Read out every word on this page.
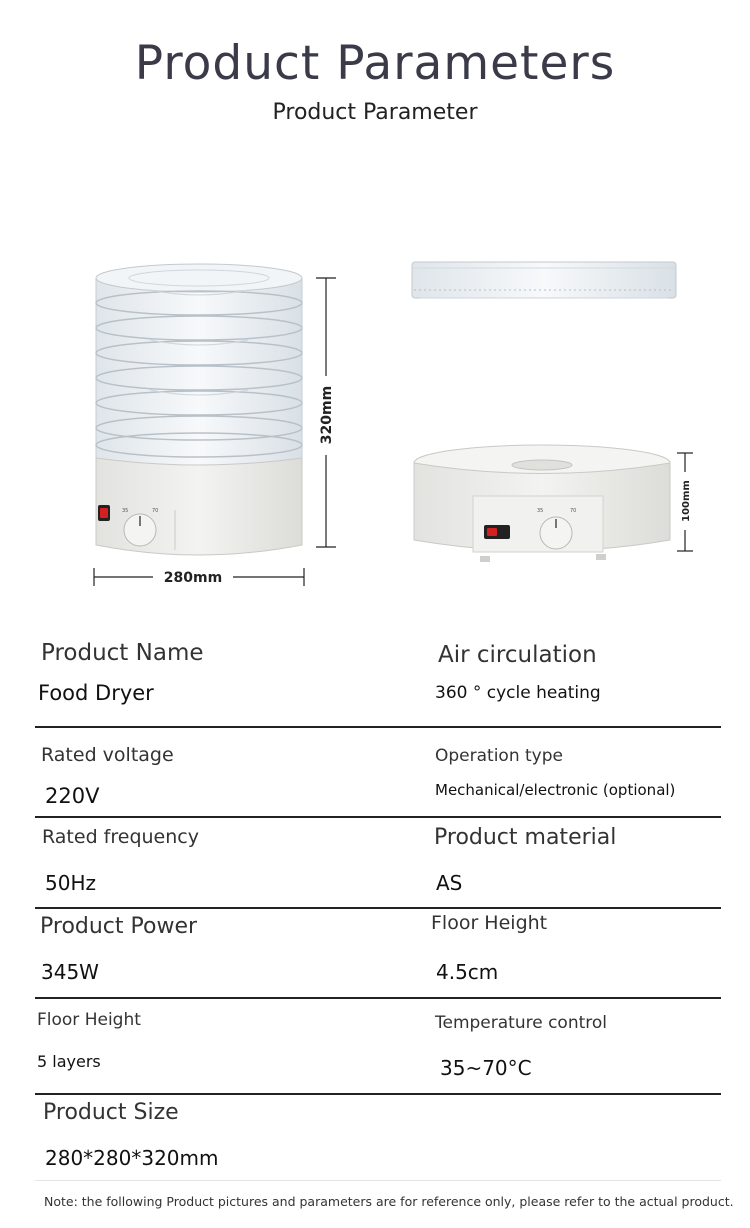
Product Parameters
Product Parameter
35	70
320mm
280mm
35	70	100mm
Product Name
Food Dryer
Air circulation
360 ° cycle heating
Rated voltage
220V
Operation type
Mechanical/electronic (optional)
Rated frequency
50Hz
Product material
AS
Product Power
345W
Floor Height
4.5cm
Floor Height
5 layers
Temperature control
35~70°C
Product Size
280*280*320mm
Note: the following Product pictures and parameters are for reference only, please refer to the actual product.
